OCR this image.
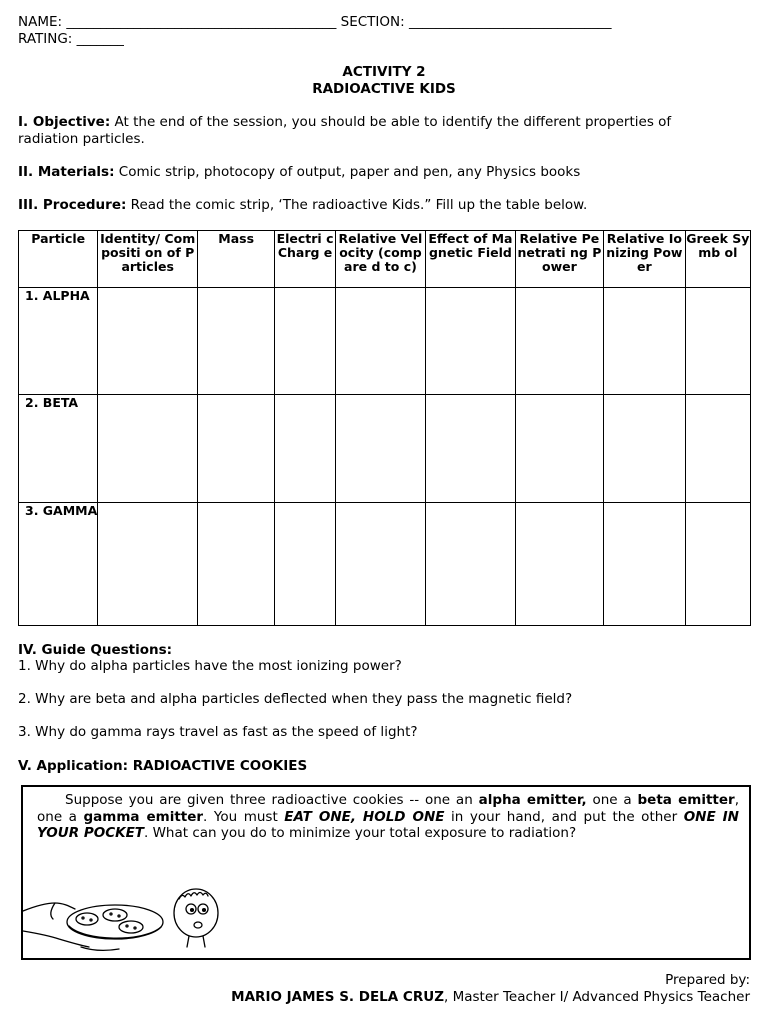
NAME: ________________________________________ SECTION: ______________________________
RATING: _______
ACTIVITY 2
RADIOACTIVE KIDS
I. Objective: At the end of the session, you should be able to identify the different properties of
radiation particles.
II. Materials: Comic strip, photocopy of output, paper and pen, any Physics books
III. Procedure: Read the comic strip, ‘The radioactive Kids.” Fill up the table below.
Particle	Identity/ Compositi on of Particles	Mass	Electri c Charg e	Relative Velocity (compare d to c)	Effect of Magnetic Field	Relative Penetrati ng Power	Relative Ionizing Power	Greek Symb ol
1. ALPHA								
2. BETA								
3. GAMMA								
IV. Guide Questions:
1. Why do alpha particles have the most ionizing power?
2. Why are beta and alpha particles deflected when they pass the magnetic field?
3. Why do gamma rays travel as fast as the speed of light?
V. Application: RADIOACTIVE COOKIES
Suppose you are given three radioactive cookies -- one an alpha emitter, one a beta emitter, one a gamma emitter. You must EAT ONE, HOLD ONE in your hand, and put the other ONE IN YOUR POCKET. What can you do to minimize your total exposure to radiation?
Prepared by:
MARIO JAMES S. DELA CRUZ, Master Teacher I/ Advanced Physics Teacher
